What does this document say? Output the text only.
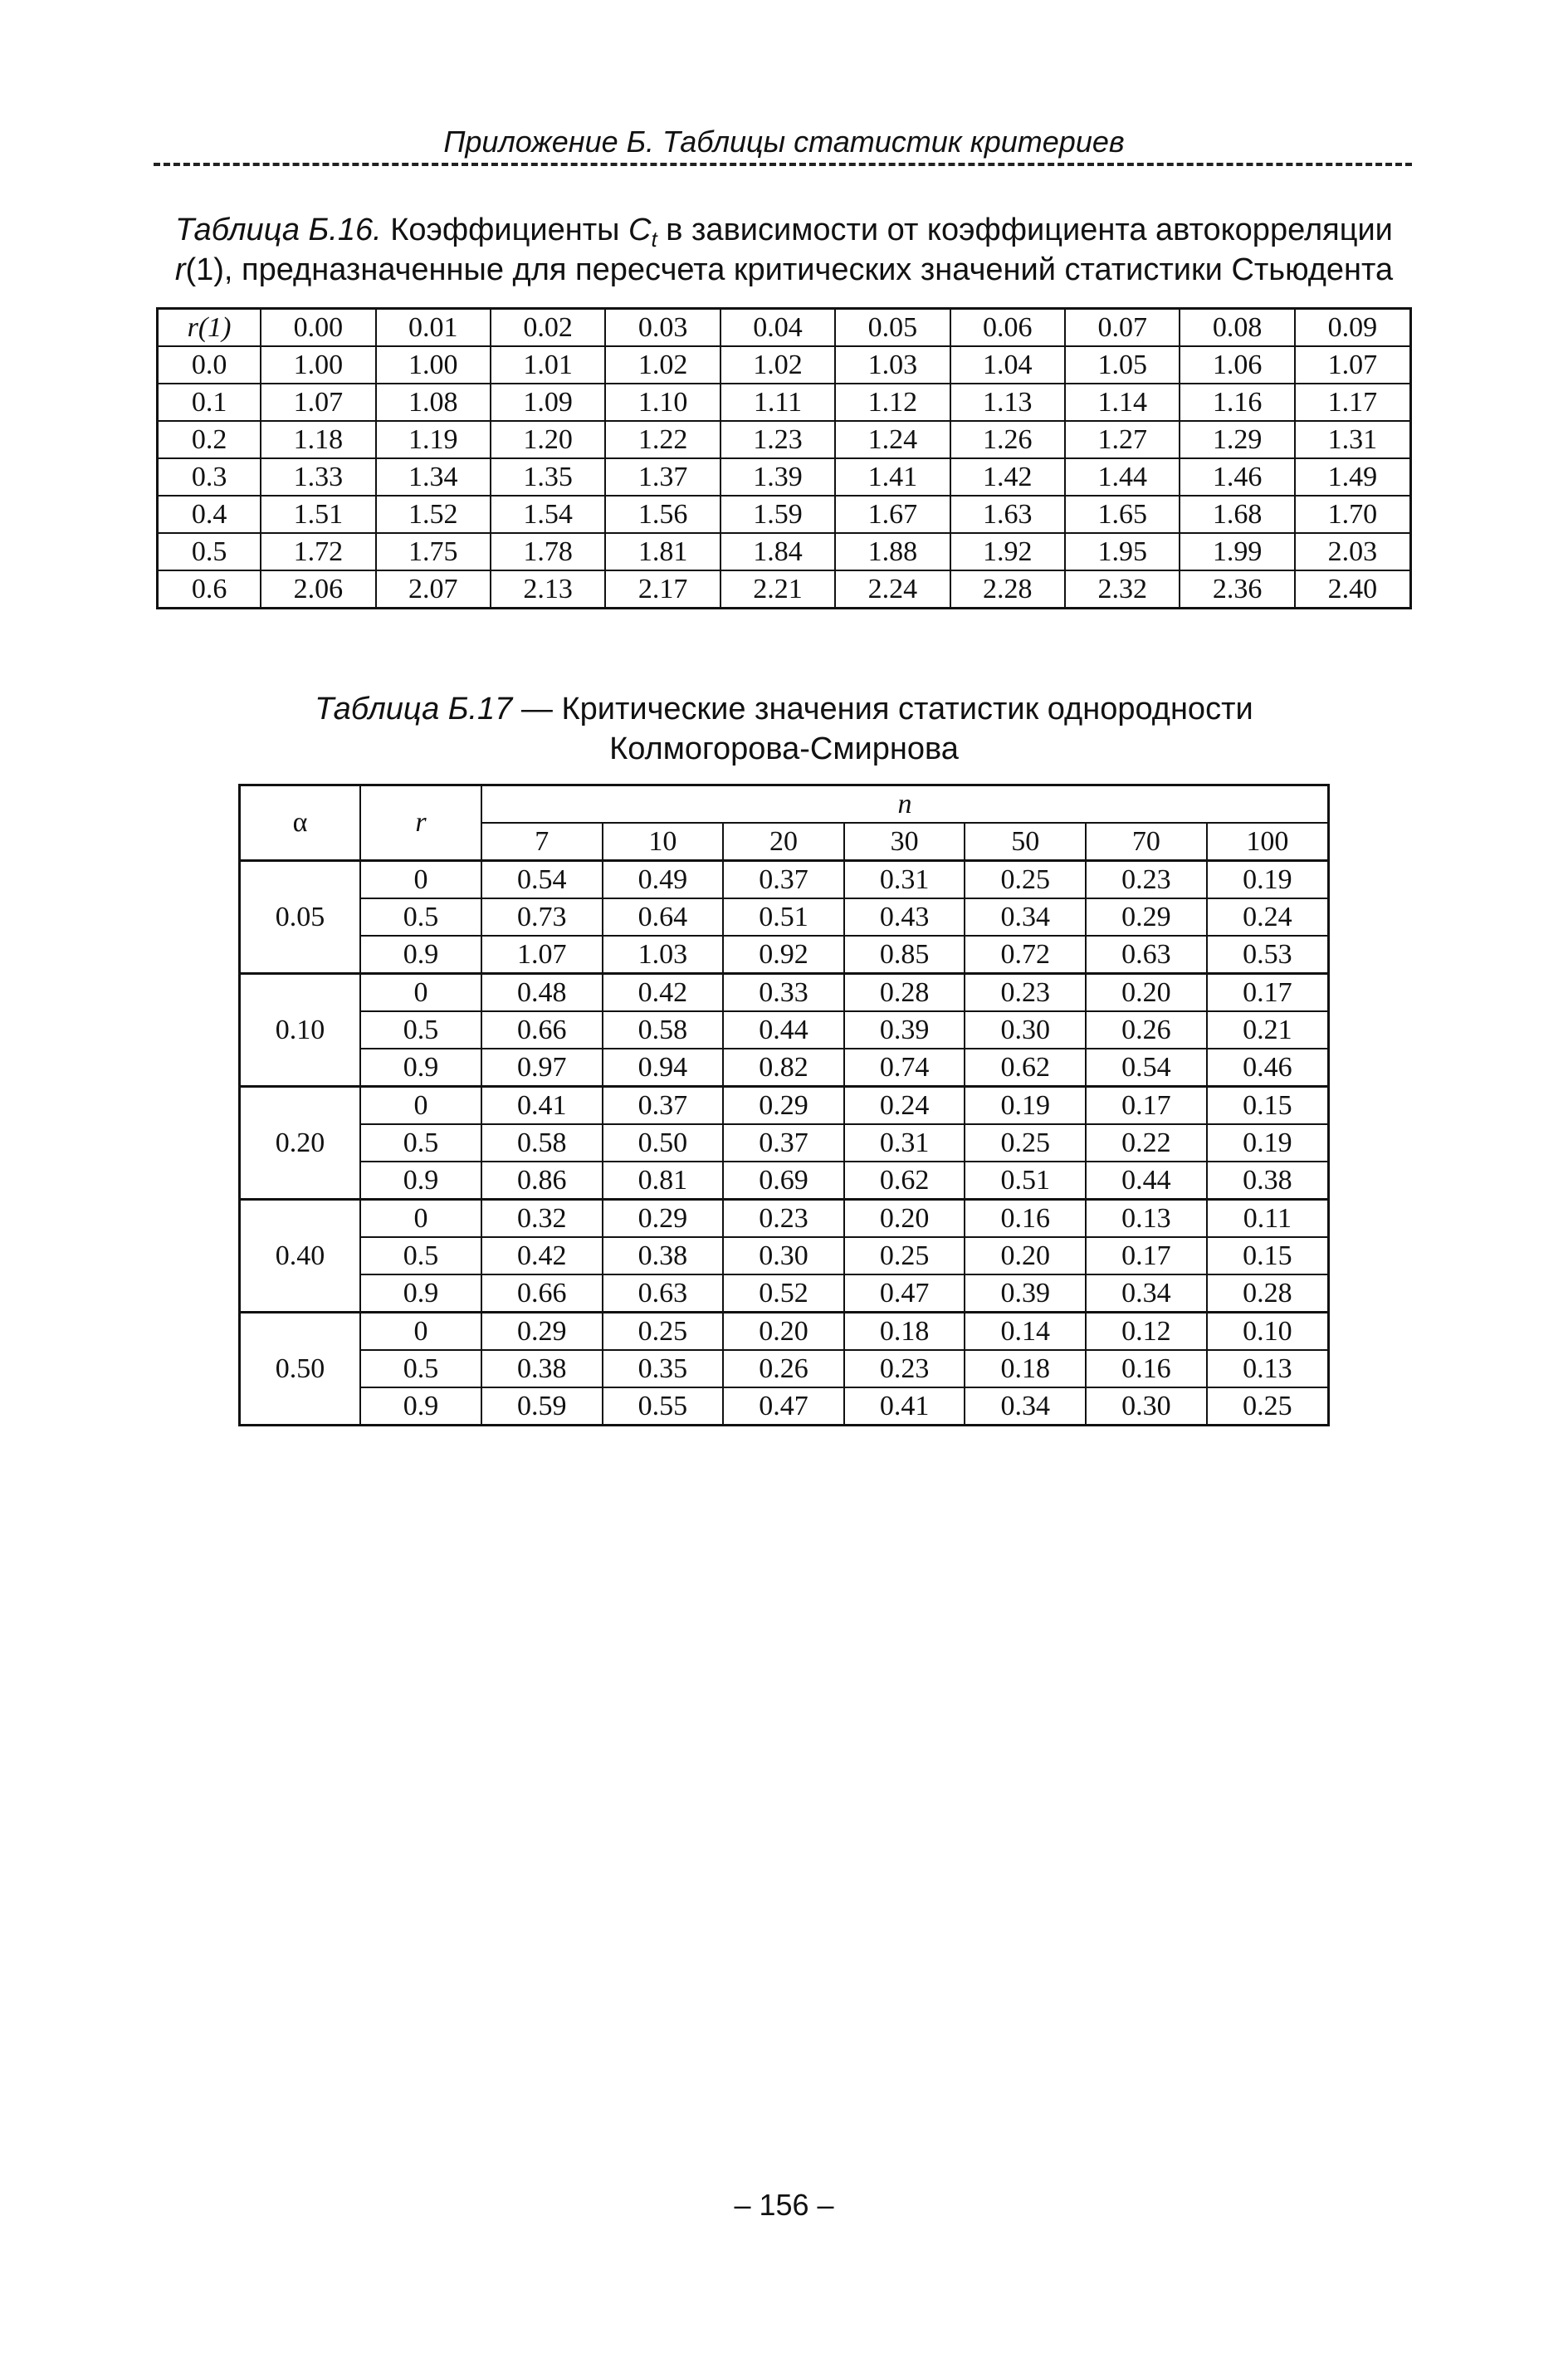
Приложение Б. Таблицы статистик критериев
Таблица Б.16. Коэффициенты $C_t$ в зависимости от коэффициента автокорреляции
r(1), предназначенные для пересчета критических значений статистики Стьюдента
r(1)	0.00	0.01	0.02	0.03	0.04	0.05	0.06	0.07	0.08	0.09
0.0	1.00	1.00	1.01	1.02	1.02	1.03	1.04	1.05	1.06	1.07
0.1	1.07	1.08	1.09	1.10	1.11	1.12	1.13	1.14	1.16	1.17
0.2	1.18	1.19	1.20	1.22	1.23	1.24	1.26	1.27	1.29	1.31
0.3	1.33	1.34	1.35	1.37	1.39	1.41	1.42	1.44	1.46	1.49
0.4	1.51	1.52	1.54	1.56	1.59	1.67	1.63	1.65	1.68	1.70
0.5	1.72	1.75	1.78	1.81	1.84	1.88	1.92	1.95	1.99	2.03
0.6	2.06	2.07	2.13	2.17	2.21	2.24	2.28	2.32	2.36	2.40
Таблица Б.17 — Критические значения статистик однородности
Колмогорова-Смирнова
α	r	n						
		7	10	20	30	50	70	100
0.05	0	0.54	0.49	0.37	0.31	0.25	0.23	0.19
	0.5	0.73	0.64	0.51	0.43	0.34	0.29	0.24
	0.9	1.07	1.03	0.92	0.85	0.72	0.63	0.53
0.10	0	0.48	0.42	0.33	0.28	0.23	0.20	0.17
	0.5	0.66	0.58	0.44	0.39	0.30	0.26	0.21
	0.9	0.97	0.94	0.82	0.74	0.62	0.54	0.46
0.20	0	0.41	0.37	0.29	0.24	0.19	0.17	0.15
	0.5	0.58	0.50	0.37	0.31	0.25	0.22	0.19
	0.9	0.86	0.81	0.69	0.62	0.51	0.44	0.38
0.40	0	0.32	0.29	0.23	0.20	0.16	0.13	0.11
	0.5	0.42	0.38	0.30	0.25	0.20	0.17	0.15
	0.9	0.66	0.63	0.52	0.47	0.39	0.34	0.28
0.50	0	0.29	0.25	0.20	0.18	0.14	0.12	0.10
	0.5	0.38	0.35	0.26	0.23	0.18	0.16	0.13
	0.9	0.59	0.55	0.47	0.41	0.34	0.30	0.25
– 156 –
